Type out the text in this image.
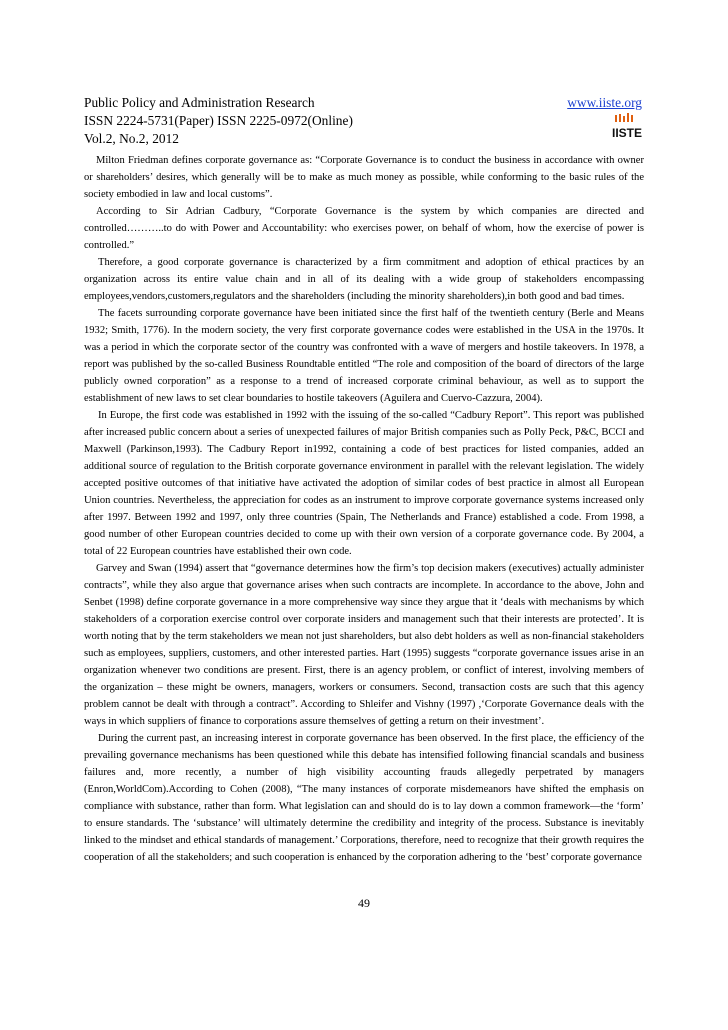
Public Policy and Administration Research	www.iiste.org
ISSN 2224-5731(Paper) ISSN 2225-0972(Online)
Vol.2, No.2, 2012	IISTE

Milton Friedman defines corporate governance as: “Corporate Governance is to conduct the business in accordance with owner or shareholders’ desires, which generally will be to make as much money as possible, while conforming to the basic rules of the society embodied in law and local customs”.

According to Sir Adrian Cadbury, “Corporate Governance is the system by which companies are directed and controlled………..to do with Power and Accountability: who exercises power, on behalf of whom, how the exercise of power is controlled.”

Therefore, a good corporate governance is characterized by a firm commitment and adoption of ethical practices by an organization across its entire value chain and in all of its dealing with a wide group of stakeholders encompassing employees,vendors,customers,regulators and the shareholders (including the minority shareholders),in both good and bad times.

The facets surrounding corporate governance have been initiated since the first half of the twentieth century (Berle and Means 1932; Smith, 1776). In the modern society, the very first corporate governance codes were established in the USA in the 1970s. It was a period in which the corporate sector of the country was confronted with a wave of mergers and hostile takeovers. In 1978, a report was published by the so-called Business Roundtable entitled “The role and composition of the board of directors of the large publicly owned corporation” as a response to a trend of increased corporate criminal behaviour, as well as to support the establishment of new laws to set clear boundaries to hostile takeovers (Aguilera and Cuervo-Cazzura, 2004).

In Europe, the first code was established in 1992 with the issuing of the so-called “Cadbury Report”. This report was published after increased public concern about a series of unexpected failures of major British companies such as Polly Peck, P&C, BCCI and Maxwell (Parkinson,1993). The Cadbury Report in1992, containing a code of best practices for listed companies, added an additional source of regulation to the British corporate governance environment in parallel with the relevant legislation. The widely accepted positive outcomes of that initiative have activated the adoption of similar codes of best practice in almost all European Union countries. Nevertheless, the appreciation for codes as an instrument to improve corporate governance systems increased only after 1997. Between 1992 and 1997, only three countries (Spain, The Netherlands and France) established a code. From 1998, a good number of other European countries decided to come up with their own version of a corporate governance code. By 2004, a total of 22 European countries have established their own code.

Garvey and Swan (1994) assert that “governance determines how the firm’s top decision makers (executives) actually administer contracts”, while they also argue that governance arises when such contracts are incomplete. In accordance to the above, John and Senbet (1998) define corporate governance in a more comprehensive way since they argue that it ‘deals with mechanisms by which stakeholders of a corporation exercise control over corporate insiders and management such that their interests are protected’. It is worth noting that by the term stakeholders we mean not just shareholders, but also debt holders as well as non-financial stakeholders such as employees, suppliers, customers, and other interested parties. Hart (1995) suggests “corporate governance issues arise in an organization whenever two conditions are present. First, there is an agency problem, or conflict of interest, involving members of the organization – these might be owners, managers, workers or consumers. Second, transaction costs are such that this agency problem cannot be dealt with through a contract”. According to Shleifer and Vishny (1997) ,‘Corporate Governance deals with the ways in which suppliers of finance to corporations assure themselves of getting a return on their investment’.

During the current past, an increasing interest in corporate governance has been observed. In the first place, the efficiency of the prevailing governance mechanisms has been questioned while this debate has intensified following financial scandals and business failures and, more recently, a number of high visibility accounting frauds allegedly perpetrated by managers (Enron,WorldCom).According to Cohen (2008), “The many instances of corporate misdemeanors have shifted the emphasis on compliance with substance, rather than form. What legislation can and should do is to lay down a common framework—the ‘form’ to ensure standards. The ‘substance’ will ultimately determine the credibility and integrity of the process. Substance is inevitably linked to the mindset and ethical standards of management.’ Corporations, therefore, need to recognize that their growth requires the cooperation of all the stakeholders; and such cooperation is enhanced by the corporation adhering to the ‘best’ corporate governance

49
